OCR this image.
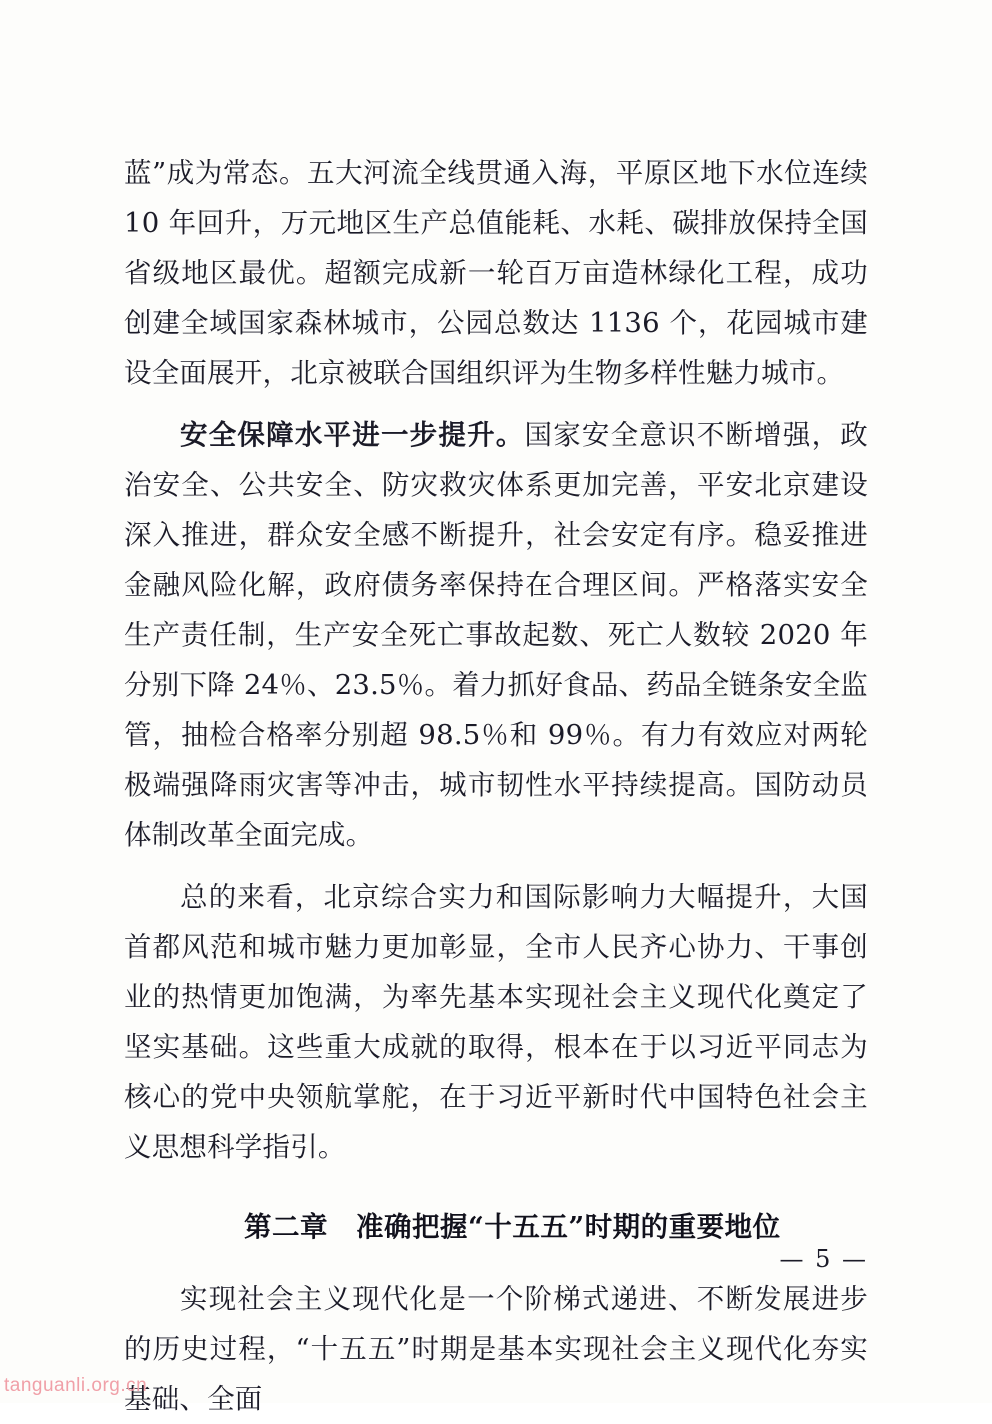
蓝”成为常态。五大河流全线贯通入海，平原区地下水位连续 10 年回升，万元地区生产总值能耗、水耗、碳排放保持全国省级地区最优。超额完成新一轮百万亩造林绿化工程，成功创建全域国家森林城市，公园总数达 1136 个，花园城市建设全面展开，北京被联合国组织评为生物多样性魅力城市。

安全保障水平进一步提升。国家安全意识不断增强，政治安全、公共安全、防灾救灾体系更加完善，平安北京建设深入推进，群众安全感不断提升，社会安定有序。稳妥推进金融风险化解，政府债务率保持在合理区间。严格落实安全生产责任制，生产安全死亡事故起数、死亡人数较 2020 年分别下降 24％、23.5％。着力抓好食品、药品全链条安全监管，抽检合格率分别超 98.5％和 99％。有力有效应对两轮极端强降雨灾害等冲击，城市韧性水平持续提高。国防动员体制改革全面完成。

总的来看，北京综合实力和国际影响力大幅提升，大国首都风范和城市魅力更加彰显，全市人民齐心协力、干事创业的热情更加饱满，为率先基本实现社会主义现代化奠定了坚实基础。这些重大成就的取得，根本在于以习近平同志为核心的党中央领航掌舵，在于习近平新时代中国特色社会主义思想科学指引。

第二章　准确把握“十五五”时期的重要地位

实现社会主义现代化是一个阶梯式递进、不断发展进步的历史过程，“十五五”时期是基本实现社会主义现代化夯实基础、全面

— 5 —
tanguanli.org.cn
